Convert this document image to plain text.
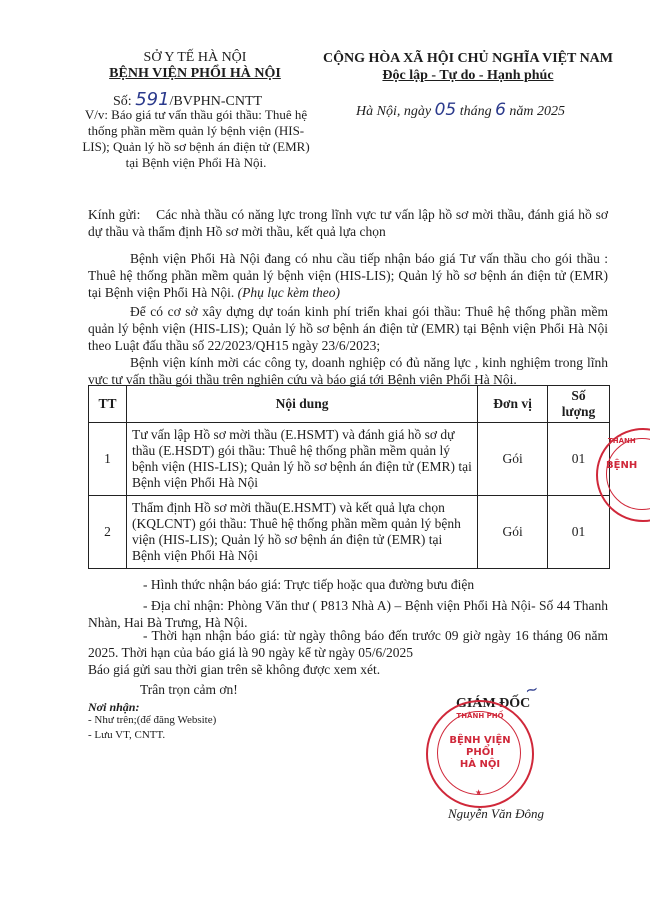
SỞ Y TẾ HÀ NỘI
BỆNH VIỆN PHỔI HÀ NỘI
Số: 591/BVPHN-CNTT
V/v: Báo giá tư vấn thầu gói thầu: Thuê hệ thống phần mềm quản lý bệnh viện (HIS-LIS); Quản lý hồ sơ bệnh án điện tử (EMR) tại Bệnh viện Phổi Hà Nội.
CỘNG HÒA XÃ HỘI CHỦ NGHĨA VIỆT NAM
Độc lập - Tự do - Hạnh phúc
Hà Nội, ngày 05 tháng 6 năm 2025
Kính gửi: Các nhà thầu có năng lực trong lĩnh vực tư vấn lập hồ sơ mời thầu, đánh giá hồ sơ dự thầu và thẩm định Hồ sơ mời thầu, kết quả lựa chọn
Bệnh viện Phổi Hà Nội đang có nhu cầu tiếp nhận báo giá Tư vấn thầu cho gói thầu : Thuê hệ thống phần mềm quản lý bệnh viện (HIS-LIS); Quản lý hồ sơ bệnh án điện tử (EMR) tại Bệnh viện Phổi Hà Nội. (Phụ lục kèm theo)
Để có cơ sở xây dựng dự toán kinh phí triển khai gói thầu: Thuê hệ thống phần mềm quản lý bệnh viện (HIS-LIS); Quản lý hồ sơ bệnh án điện tử (EMR) tại Bệnh viện Phổi Hà Nội theo Luật đấu thầu số 22/2023/QH15 ngày 23/6/2023;
Bệnh viện kính mời các công ty, doanh nghiệp có đủ năng lực , kinh nghiệm trong lĩnh vực tư vấn thầu gói thầu trên nghiên cứu và báo giá tới Bệnh viện Phổi Hà Nội.
TT	Nội dung	Đơn vị	Số lượng
1	Tư vấn lập Hồ sơ mời thầu (E.HSMT) và đánh giá hồ sơ dự thầu (E.HSDT) gói thầu: Thuê hệ thống phần mềm quản lý bệnh viện (HIS-LIS); Quản lý hồ sơ bệnh án điện tử (EMR) tại Bệnh viện Phổi Hà Nội	Gói	01
2	Thẩm định Hồ sơ mời thầu(E.HSMT) và kết quả lựa chọn (KQLCNT) gói thầu: Thuê hệ thống phần mềm quản lý bệnh viện (HIS-LIS); Quản lý hồ sơ bệnh án điện tử (EMR) tại Bệnh viện Phổi Hà Nội	Gói	01
- Hình thức nhận báo giá: Trực tiếp hoặc qua đường bưu điện
- Địa chỉ nhận: Phòng Văn thư ( P813 Nhà A) – Bệnh viện Phổi Hà Nội- Số 44 Thanh Nhàn, Hai Bà Trưng, Hà Nội.
- Thời hạn nhận báo giá: từ ngày thông báo đến trước 09 giờ ngày 16 tháng 06 năm 2025. Thời hạn của báo giá là 90 ngày kể từ ngày 05/6/2025
Báo giá gửi sau thời gian trên sẽ không được xem xét.
Trân trọn cảm ơn!
Nơi nhận:
- Như trên;(để đăng Website)
- Lưu VT, CNTT.
GIÁM ĐỐC
~
THÀNH PHỐ
BỆNH VIỆN
PHỔI
HÀ NỘI
★
Nguyễn Văn Đông
THÀNH
BỆNH
